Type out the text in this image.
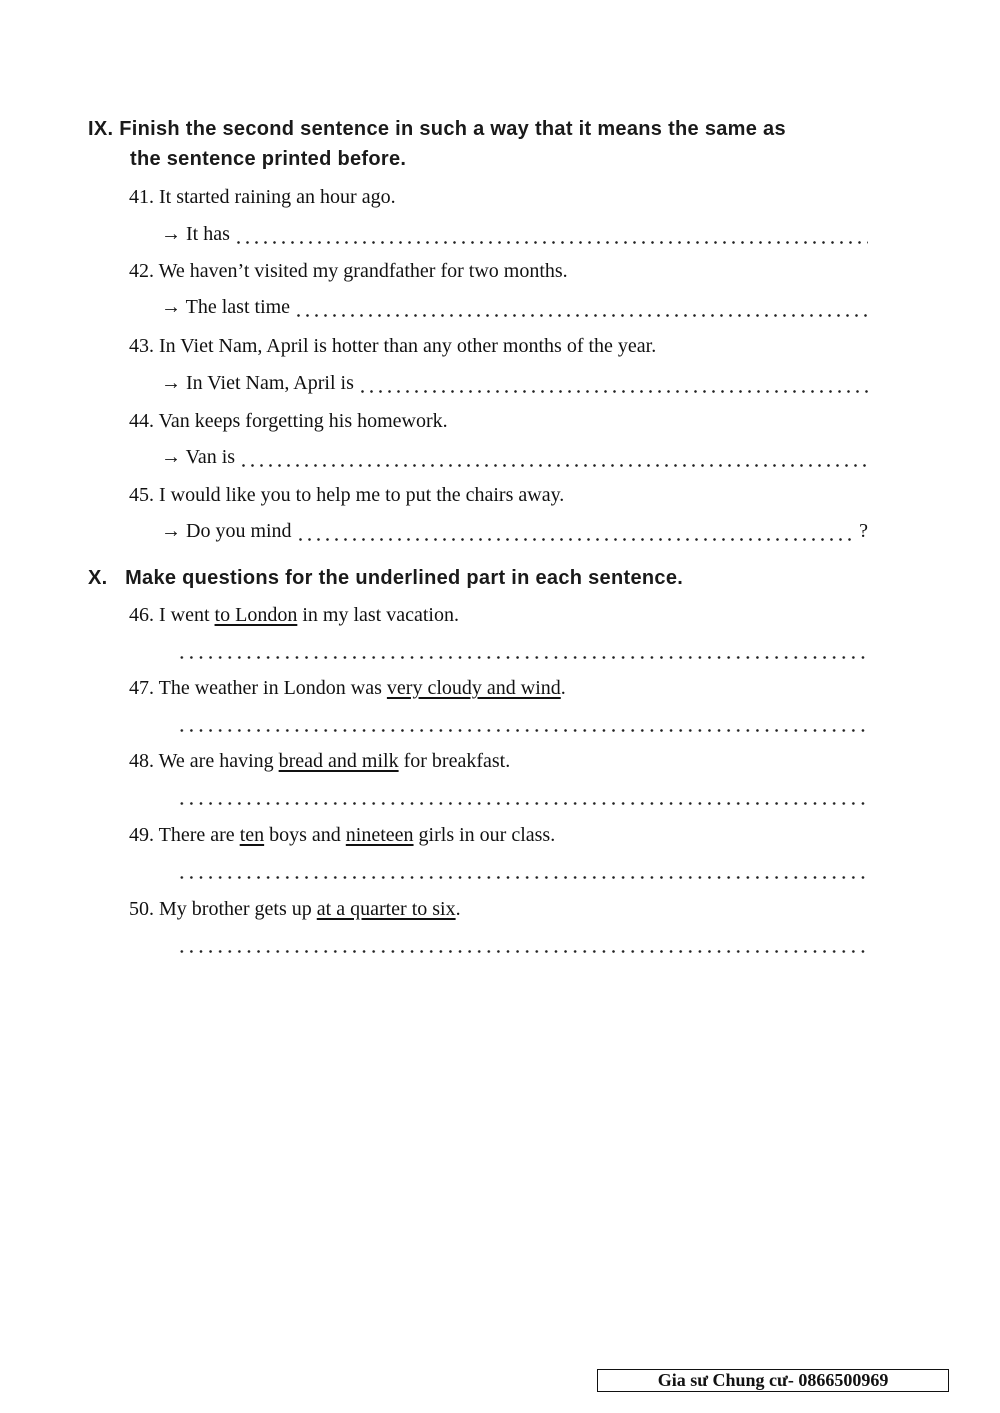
IX. Finish the second sentence in such a way that it means the same as
the sentence printed before.
41. It started raining an hour ago.
→ It has
42. We haven’t visited my grandfather for two months.
→ The last time
43. In Viet Nam, April is hotter than any other months of the year.
→ In Viet Nam, April is
44. Van keeps forgetting his homework.
→ Van is
45. I would like you to help me to put the chairs away.
→ Do you mind	?
X.   Make questions for the underlined part in each sentence.
46. I went to London in my last vacation.
47. The weather in London was very cloudy and wind.
48. We are having bread and milk for breakfast.
49. There are ten boys and nineteen girls in our class.
50. My brother gets up at a quarter to six.
Gia sư Chung cư- 0866500969
